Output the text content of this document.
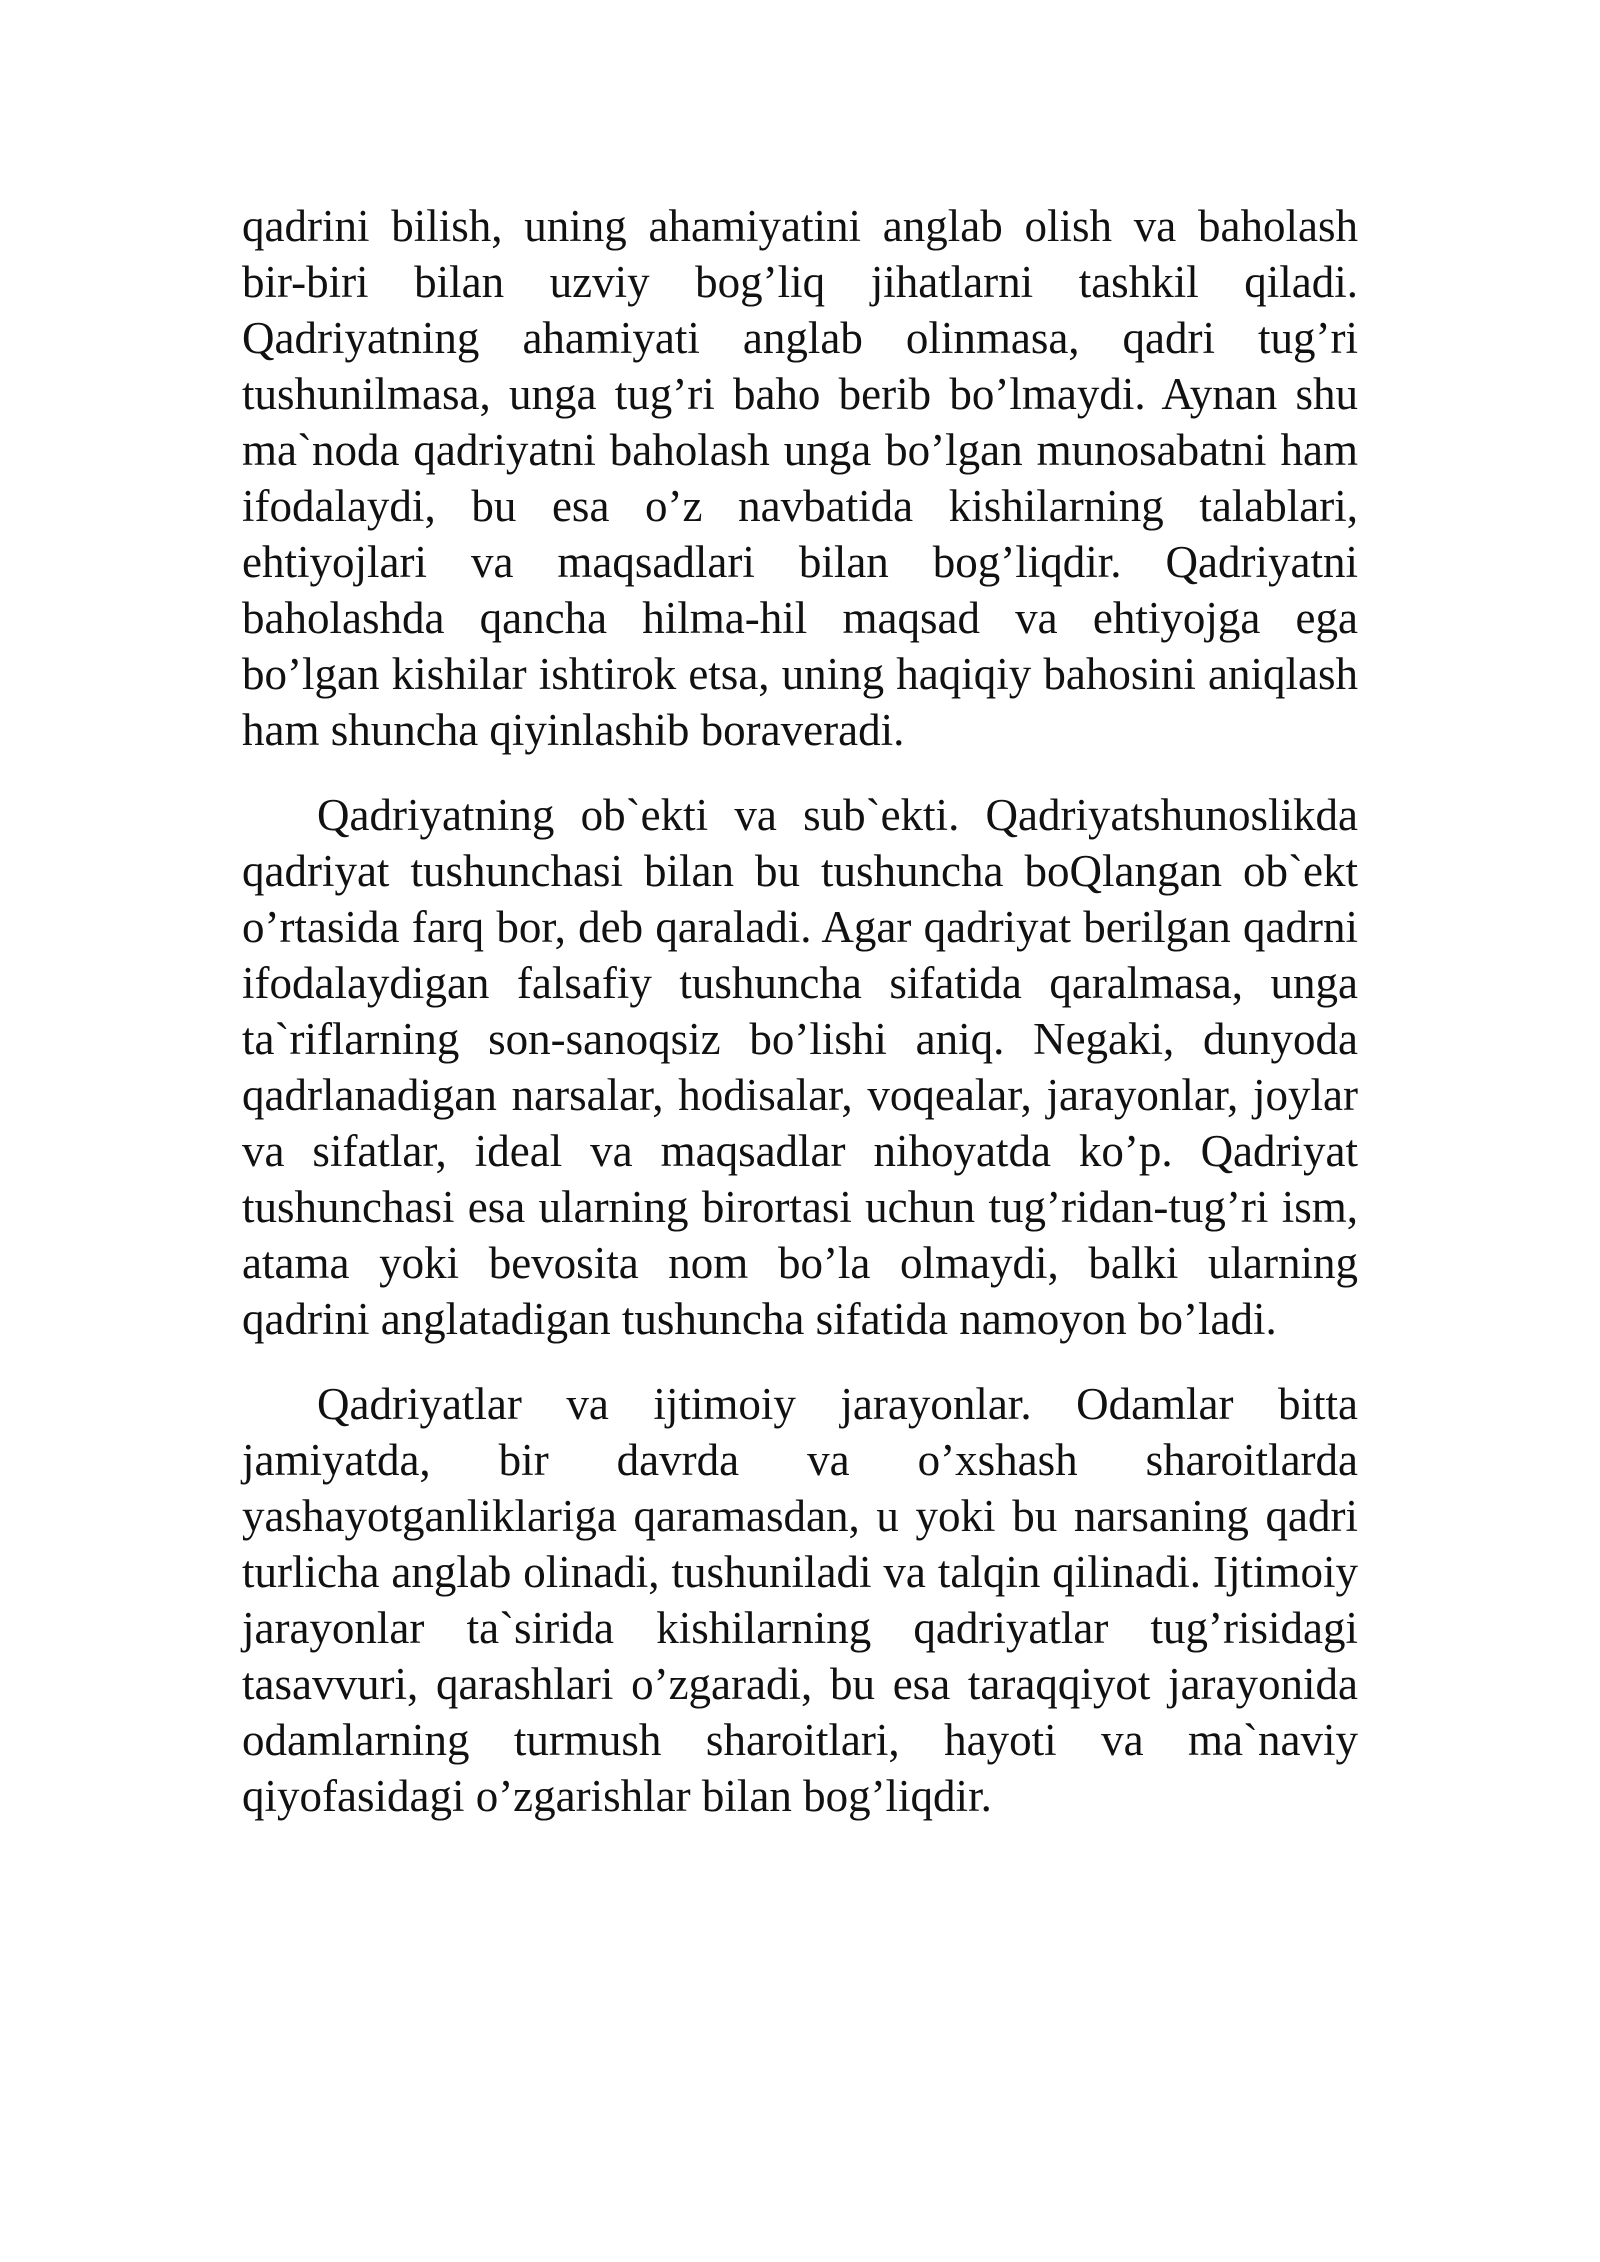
qadrini bilish, uning ahamiyatini anglab olish va baholash bir-biri bilan uzviy bog’liq jihatlarni tashkil qiladi. Qadriyatning ahamiyati anglab olinmasa, qadri tug’ri tushunilmasa, unga tug’ri baho berib bo’lmaydi. Aynan shu ma`noda qadriyatni baholash unga bo’lgan munosabatni ham ifodalaydi, bu esa o’z navbatida kishilarning talablari, ehtiyojlari va maqsadlari bilan bog’liqdir. Qadriyatni baholashda qancha hilma-hil maqsad va ehtiyojga ega bo’lgan kishilar ishtirok etsa, uning haqiqiy bahosini aniqlash ham shuncha qiyinlashib boraveradi.

Qadriyatning ob`ekti va sub`ekti. Qadriyatshunoslikda qadriyat tushunchasi bilan bu tushuncha boQlangan ob`ekt o’rtasida farq bor, deb qaraladi. Agar qadriyat berilgan qadrni ifodalaydigan falsafiy tushuncha sifatida qaralmasa, unga ta`riflarning son-sanoqsiz bo’lishi aniq. Negaki, dunyoda qadrlanadigan narsalar, hodisalar, voqealar, jarayonlar, joylar va sifatlar, ideal va maqsadlar nihoyatda ko’p. Qadriyat tushunchasi esa ularning birortasi uchun tug’ridan-tug’ri ism, atama yoki bevosita nom bo’la olmaydi, balki ularning qadrini anglatadigan tushuncha sifatida namoyon bo’ladi.

Qadriyatlar va ijtimoiy jarayonlar. Odamlar bitta jamiyatda, bir davrda va o’xshash sharoitlarda yashayotganliklariga qaramasdan, u yoki bu narsaning qadri turlicha anglab olinadi, tushuniladi va talqin qilinadi. Ijtimoiy jarayonlar ta`sirida kishilarning qadriyatlar tug’risidagi tasavvuri, qarashlari o’zgaradi, bu esa taraqqiyot jarayonida odamlarning turmush sharoitlari, hayoti va ma`naviy qiyofasidagi o’zgarishlar bilan bog’liqdir.
